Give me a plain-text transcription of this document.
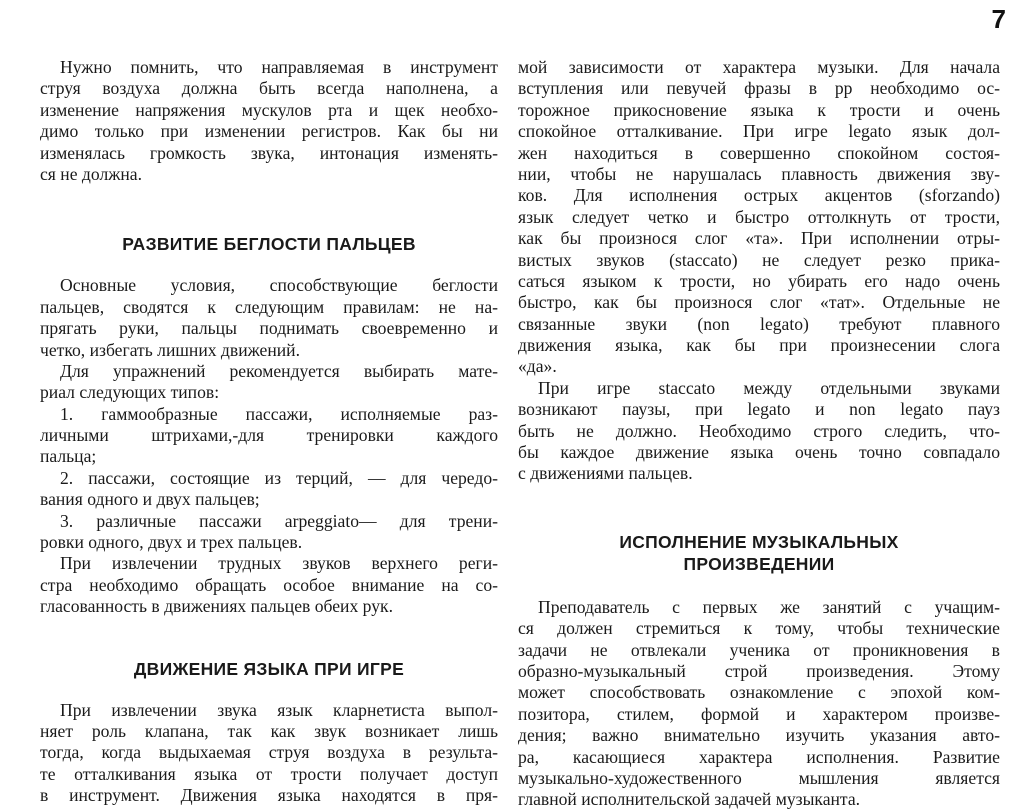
7
Нужно помнить, что направляемая в инструмент
струя воздуха должна быть всегда наполнена, а
изменение напряжения мускулов рта и щек необхо-
димо только при изменении регистров. Как бы ни
изменялась громкость звука, интонация изменять-
ся не должна.
РАЗВИТИЕ БЕГЛОСТИ ПАЛЬЦЕВ
Основные условия, способствующие беглости
пальцев, сводятся к следующим правилам: не на-
прягать руки, пальцы поднимать своевременно и
четко, избегать лишних движений.
Для упражнений рекомендуется выбирать мате-
риал следующих типов:
1. гаммообразные пассажи, исполняемые раз-
личными штрихами,-для тренировки каждого
пальца;
2. пассажи, состоящие из терций, — для чередо-
вания одного и двух пальцев;
3. различные пассажи arpeggiato— для трени-
ровки одного, двух и трех пальцев.
При извлечении трудных звуков верхнего реги-
стра необходимо обращать особое внимание на со-
гласованность в движениях пальцев обеих рук.
ДВИЖЕНИЕ ЯЗЫКА ПРИ ИГРЕ
При извлечении звука язык кларнетиста выпол-
няет роль клапана, так как звук возникает лишь
тогда, когда выдыхаемая струя воздуха в результа-
те отталкивания языка от трости получает доступ
в инструмент. Движения языка находятся в пря-
мой зависимости от характера музыки. Для начала
вступления или певучей фразы в pp необходимо ос-
торожное прикосновение языка к трости и очень
спокойное отталкивание. При игре legato язык дол-
жен находиться в совершенно спокойном состоя-
нии, чтобы не нарушалась плавность движения зву-
ков. Для исполнения острых акцентов (sforzando)
язык следует четко и быстро оттолкнуть от трости,
как бы произнося слог «та». При исполнении отры-
вистых звуков (staccato) не следует резко прика-
саться языком к трости, но убирать его надо очень
быстро, как бы произнося слог «тат». Отдельные не
связанные звуки (non legato) требуют плавного
движения языка, как бы при произнесении слога
«да».
При игре staccato между отдельными звуками
возникают паузы, при legato и non legato пауз
быть не должно. Необходимо строго следить, что-
бы каждое движение языка очень точно совпадало
с движениями пальцев.
ИСПОЛНЕНИЕ МУЗЫКАЛЬНЫХ
ПРОИЗВЕДЕНИИ
Преподаватель с первых же занятий с учащим-
ся должен стремиться к тому, чтобы технические
задачи не отвлекали ученика от проникновения в
образно-музыкальный строй произведения. Этому
может способствовать ознакомление с эпохой ком-
позитора, стилем, формой и характером произве-
дения; важно внимательно изучить указания авто-
ра, касающиеся характера исполнения. Развитие
музыкально-художественного мышления является
главной исполнительской задачей музыканта.
